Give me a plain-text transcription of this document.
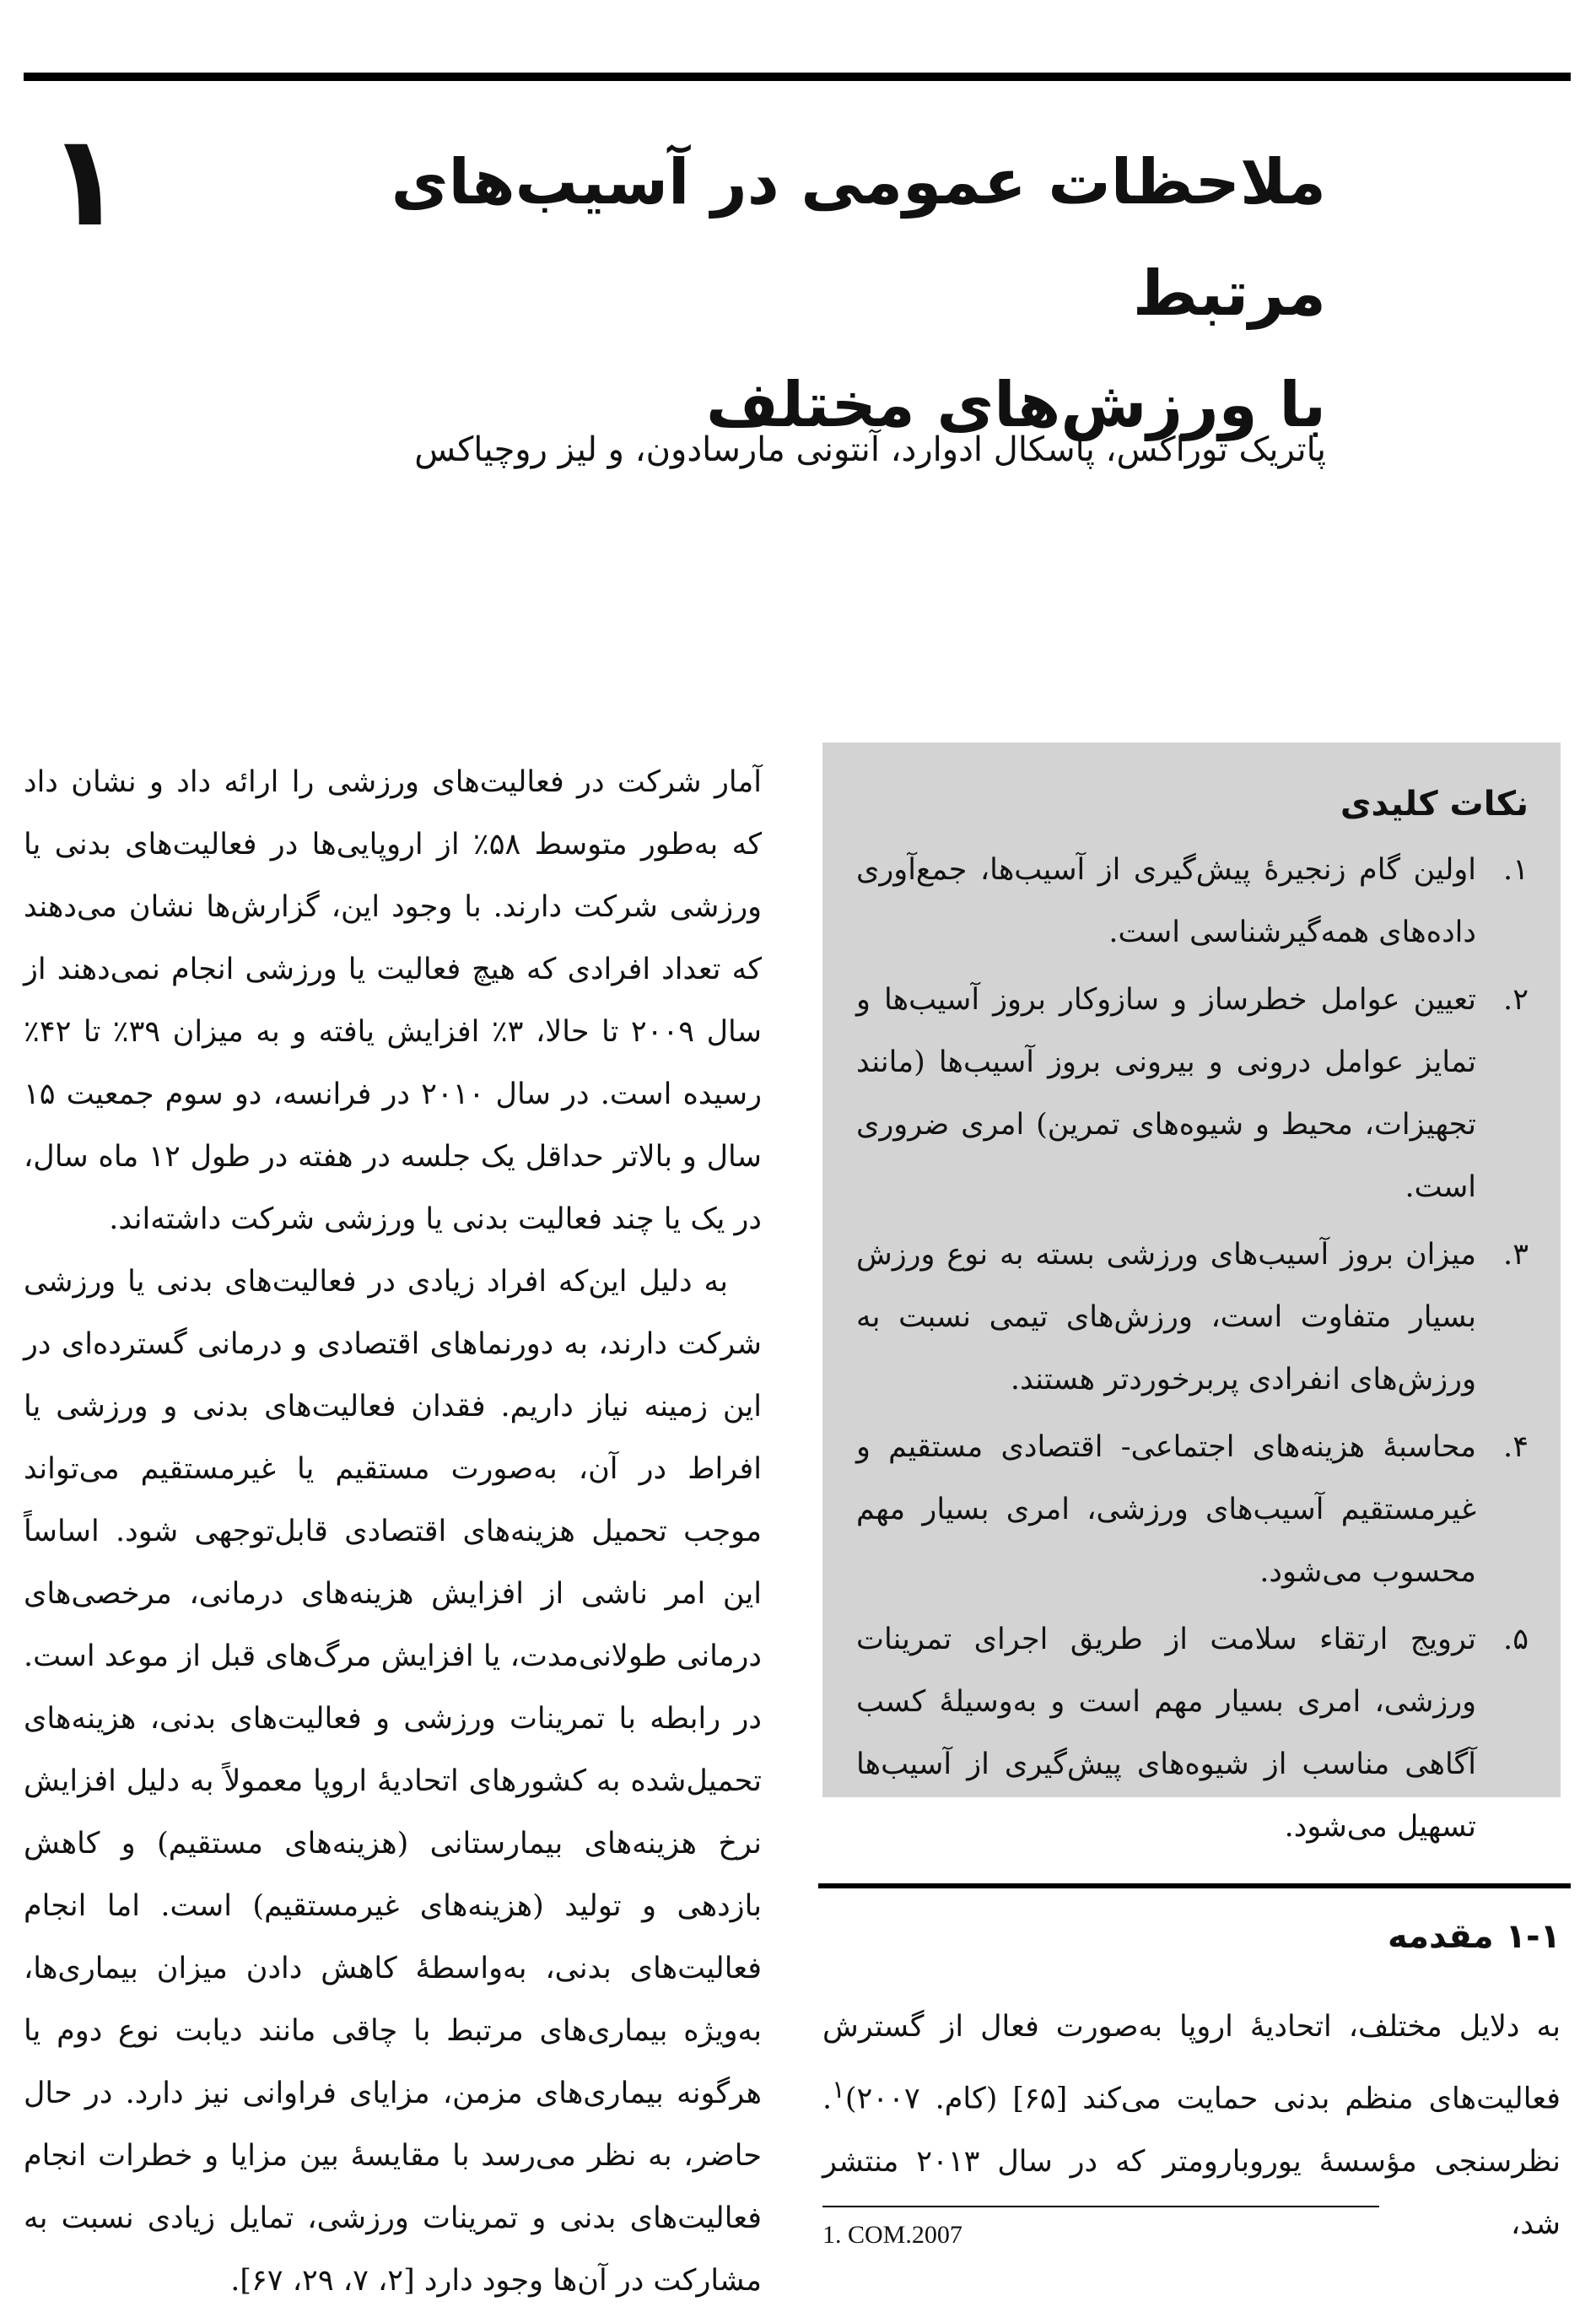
۱	ملاحظات عمومی در آسیب‌های مرتبط
با ورزش‌های مختلف
پاتریک توراکس، پاسکال ادوارد، آنتونی مارسادون، و لیز روچیاکس
نکات کلیدی
۱.
اولین گام زنجیرهٔ پیش‌گیری از آسیب‌ها، جمع‌آوری داده‌های همه‌گیرشناسی است.
۲.
تعیین عوامل خطرساز و سازوکار بروز آسیب‌ها و تمایز عوامل درونی و بیرونی بروز آسیب‌ها (مانند تجهیزات، محیط و شیوه‌های تمرین) امری ضروری است.
۳.
میزان بروز آسیب‌های ورزشی بسته به نوع ورزش بسیار متفاوت است، ورزش‌های تیمی نسبت به ورزش‌های انفرادی پربرخوردتر هستند.
۴.
محاسبهٔ هزینه‌های اجتماعی- اقتصادی مستقیم و غیرمستقیم آسیب‌های ورزشی، امری بسیار مهم محسوب می‌شود.
۵.
ترویج ارتقاء سلامت از طریق اجرای تمرینات ورزشی، امری بسیار مهم است و به‌وسیلهٔ کسب آگاهی مناسب از شیوه‌های پیش‌گیری از آسیب‌ها تسهیل می‌شود.

آمار شرکت در فعالیت‌های ورزشی را ارائه داد و نشان داد که به‌طور متوسط ۵۸٪ از اروپایی‌ها در فعالیت‌های بدنی یا ورزشی شرکت دارند. با وجود این، گزارش‌ها نشان می‌دهند که تعداد افرادی که هیچ فعالیت یا ورزشی انجام نمی‌دهند از سال ۲۰۰۹ تا حالا، ۳٪ افزایش یافته و به میزان ۳۹٪ تا ۴۲٪ رسیده است. در سال ۲۰۱۰ در فرانسه، دو سوم جمعیت ۱۵ سال و بالاتر حداقل یک جلسه در هفته در طول ۱۲ ماه سال، در یک یا چند فعالیت بدنی یا ورزشی شرکت داشته‌اند.

به دلیل این‌که افراد زیادی در فعالیت‌های بدنی یا ورزشی شرکت دارند، به دورنماهای اقتصادی و درمانی گسترده‌ای در این زمینه نیاز داریم. فقدان فعالیت‌های بدنی و ورزشی یا افراط در آن، به‌صورت مستقیم یا غیرمستقیم می‌تواند موجب تحمیل هزینه‌های اقتصادی قابل‌توجهی شود. اساساً این امر ناشی از افزایش هزینه‌های درمانی، مرخصی‌های درمانی طولانی‌مدت، یا افزایش مرگ‌های قبل از موعد است. در رابطه با تمرینات ورزشی و فعالیت‌های بدنی، هزینه‌های تحمیل‌شده به کشورهای اتحادیهٔ اروپا معمولاً به دلیل افزایش نرخ هزینه‌های بیمارستانی (هزینه‌های مستقیم) و کاهش بازدهی و تولید (هزینه‌های غیرمستقیم) است. اما انجام فعالیت‌های بدنی، به‌واسطهٔ کاهش دادن میزان بیماری‌ها، به‌ویژه بیماری‌های مرتبط با چاقی مانند دیابت نوع دوم یا هرگونه بیماری‌های مزمن، مزایای فراوانی نیز دارد. در حال حاضر، به نظر می‌رسد با مقایسهٔ بین مزایا و خطرات انجام فعالیت‌های بدنی و تمرینات ورزشی، تمایل زیادی نسبت به مشارکت در آن‌ها وجود دارد [۲، ۷، ۲۹، ۶۷].

۱-۱ مقدمه
به دلایل مختلف، اتحادیهٔ اروپا به‌صورت فعال از گسترش فعالیت‌های منظم بدنی حمایت می‌کند [۶۵] (کام. ۲۰۰۷)$^۱$. نظرسنجی مؤسسهٔ یوروبارومتر که در سال ۲۰۱۳ منتشر شد،
1. COM.2007
